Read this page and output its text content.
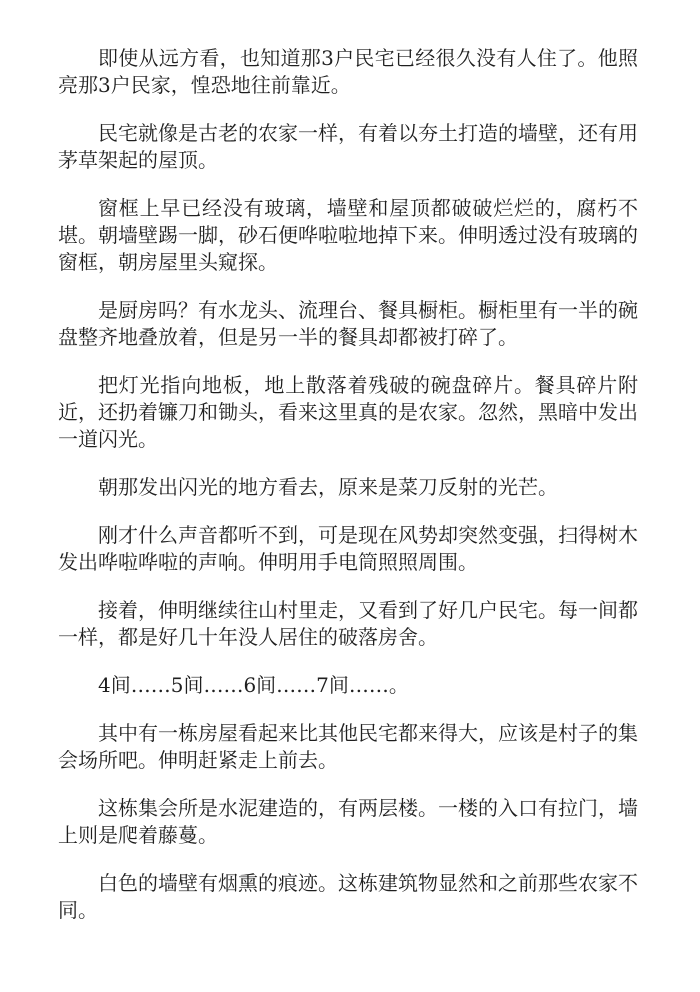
即使从远方看，也知道那3户民宅已经很久没有人住了。他照亮那3户民家，惶恐地往前靠近。

民宅就像是古老的农家一样，有着以夯土打造的墙壁，还有用茅草架起的屋顶。

窗框上早已经没有玻璃，墙壁和屋顶都破破烂烂的，腐朽不堪。朝墙壁踢一脚，砂石便哗啦啦地掉下来。伸明透过没有玻璃的窗框，朝房屋里头窥探。

是厨房吗？有水龙头、流理台、餐具橱柜。橱柜里有一半的碗盘整齐地叠放着，但是另一半的餐具却都被打碎了。

把灯光指向地板，地上散落着残破的碗盘碎片。餐具碎片附近，还扔着镰刀和锄头，看来这里真的是农家。忽然，黑暗中发出一道闪光。

朝那发出闪光的地方看去，原来是菜刀反射的光芒。

刚才什么声音都听不到，可是现在风势却突然变强，扫得树木发出哗啦哗啦的声响。伸明用手电筒照照周围。

接着，伸明继续往山村里走，又看到了好几户民宅。每一间都一样，都是好几十年没人居住的破落房舍。

4间……5间……6间……7间……。

其中有一栋房屋看起来比其他民宅都来得大，应该是村子的集会场所吧。伸明赶紧走上前去。

这栋集会所是水泥建造的，有两层楼。一楼的入口有拉门，墙上则是爬着藤蔓。

白色的墙壁有烟熏的痕迹。这栋建筑物显然和之前那些农家不同。
